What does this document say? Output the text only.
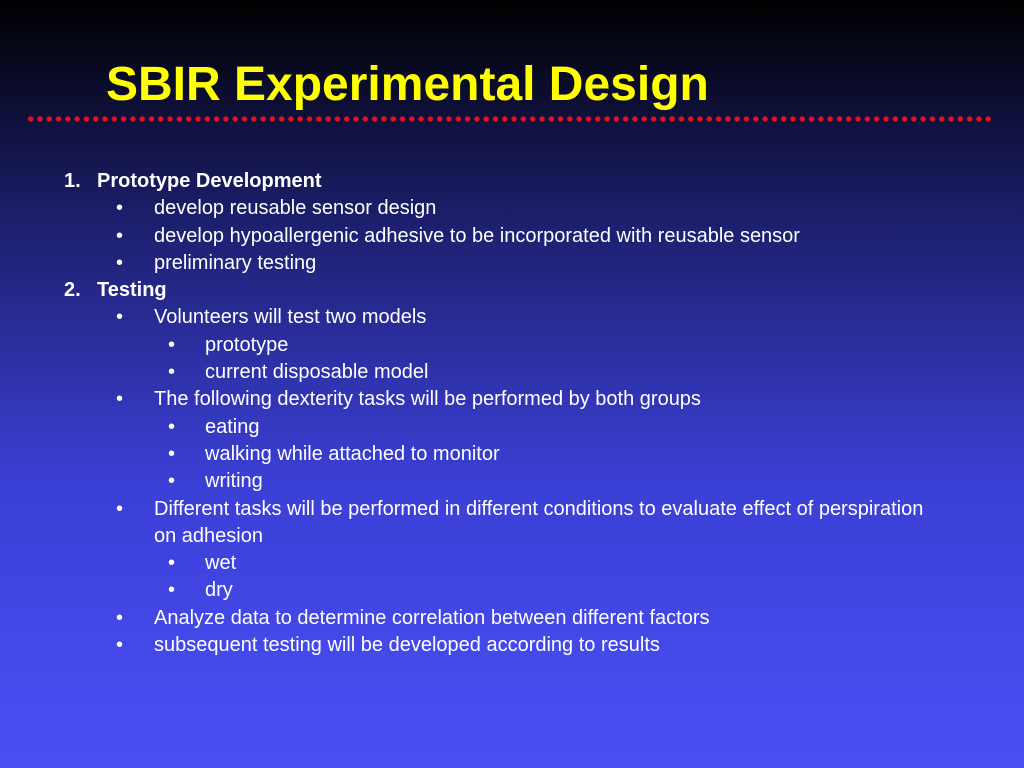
SBIR Experimental Design
1. Prototype Development
• develop reusable sensor design
• develop hypoallergenic adhesive to be incorporated with reusable sensor
• preliminary testing
2. Testing
• Volunteers will test two models
• prototype
• current disposable model
• The following dexterity tasks will be performed by both groups
• eating
• walking while attached to monitor
• writing
• Different tasks will be performed in different conditions to evaluate effect of perspiration on adhesion
• wet
• dry
• Analyze data to determine correlation between different factors
• subsequent testing will be developed according to results
